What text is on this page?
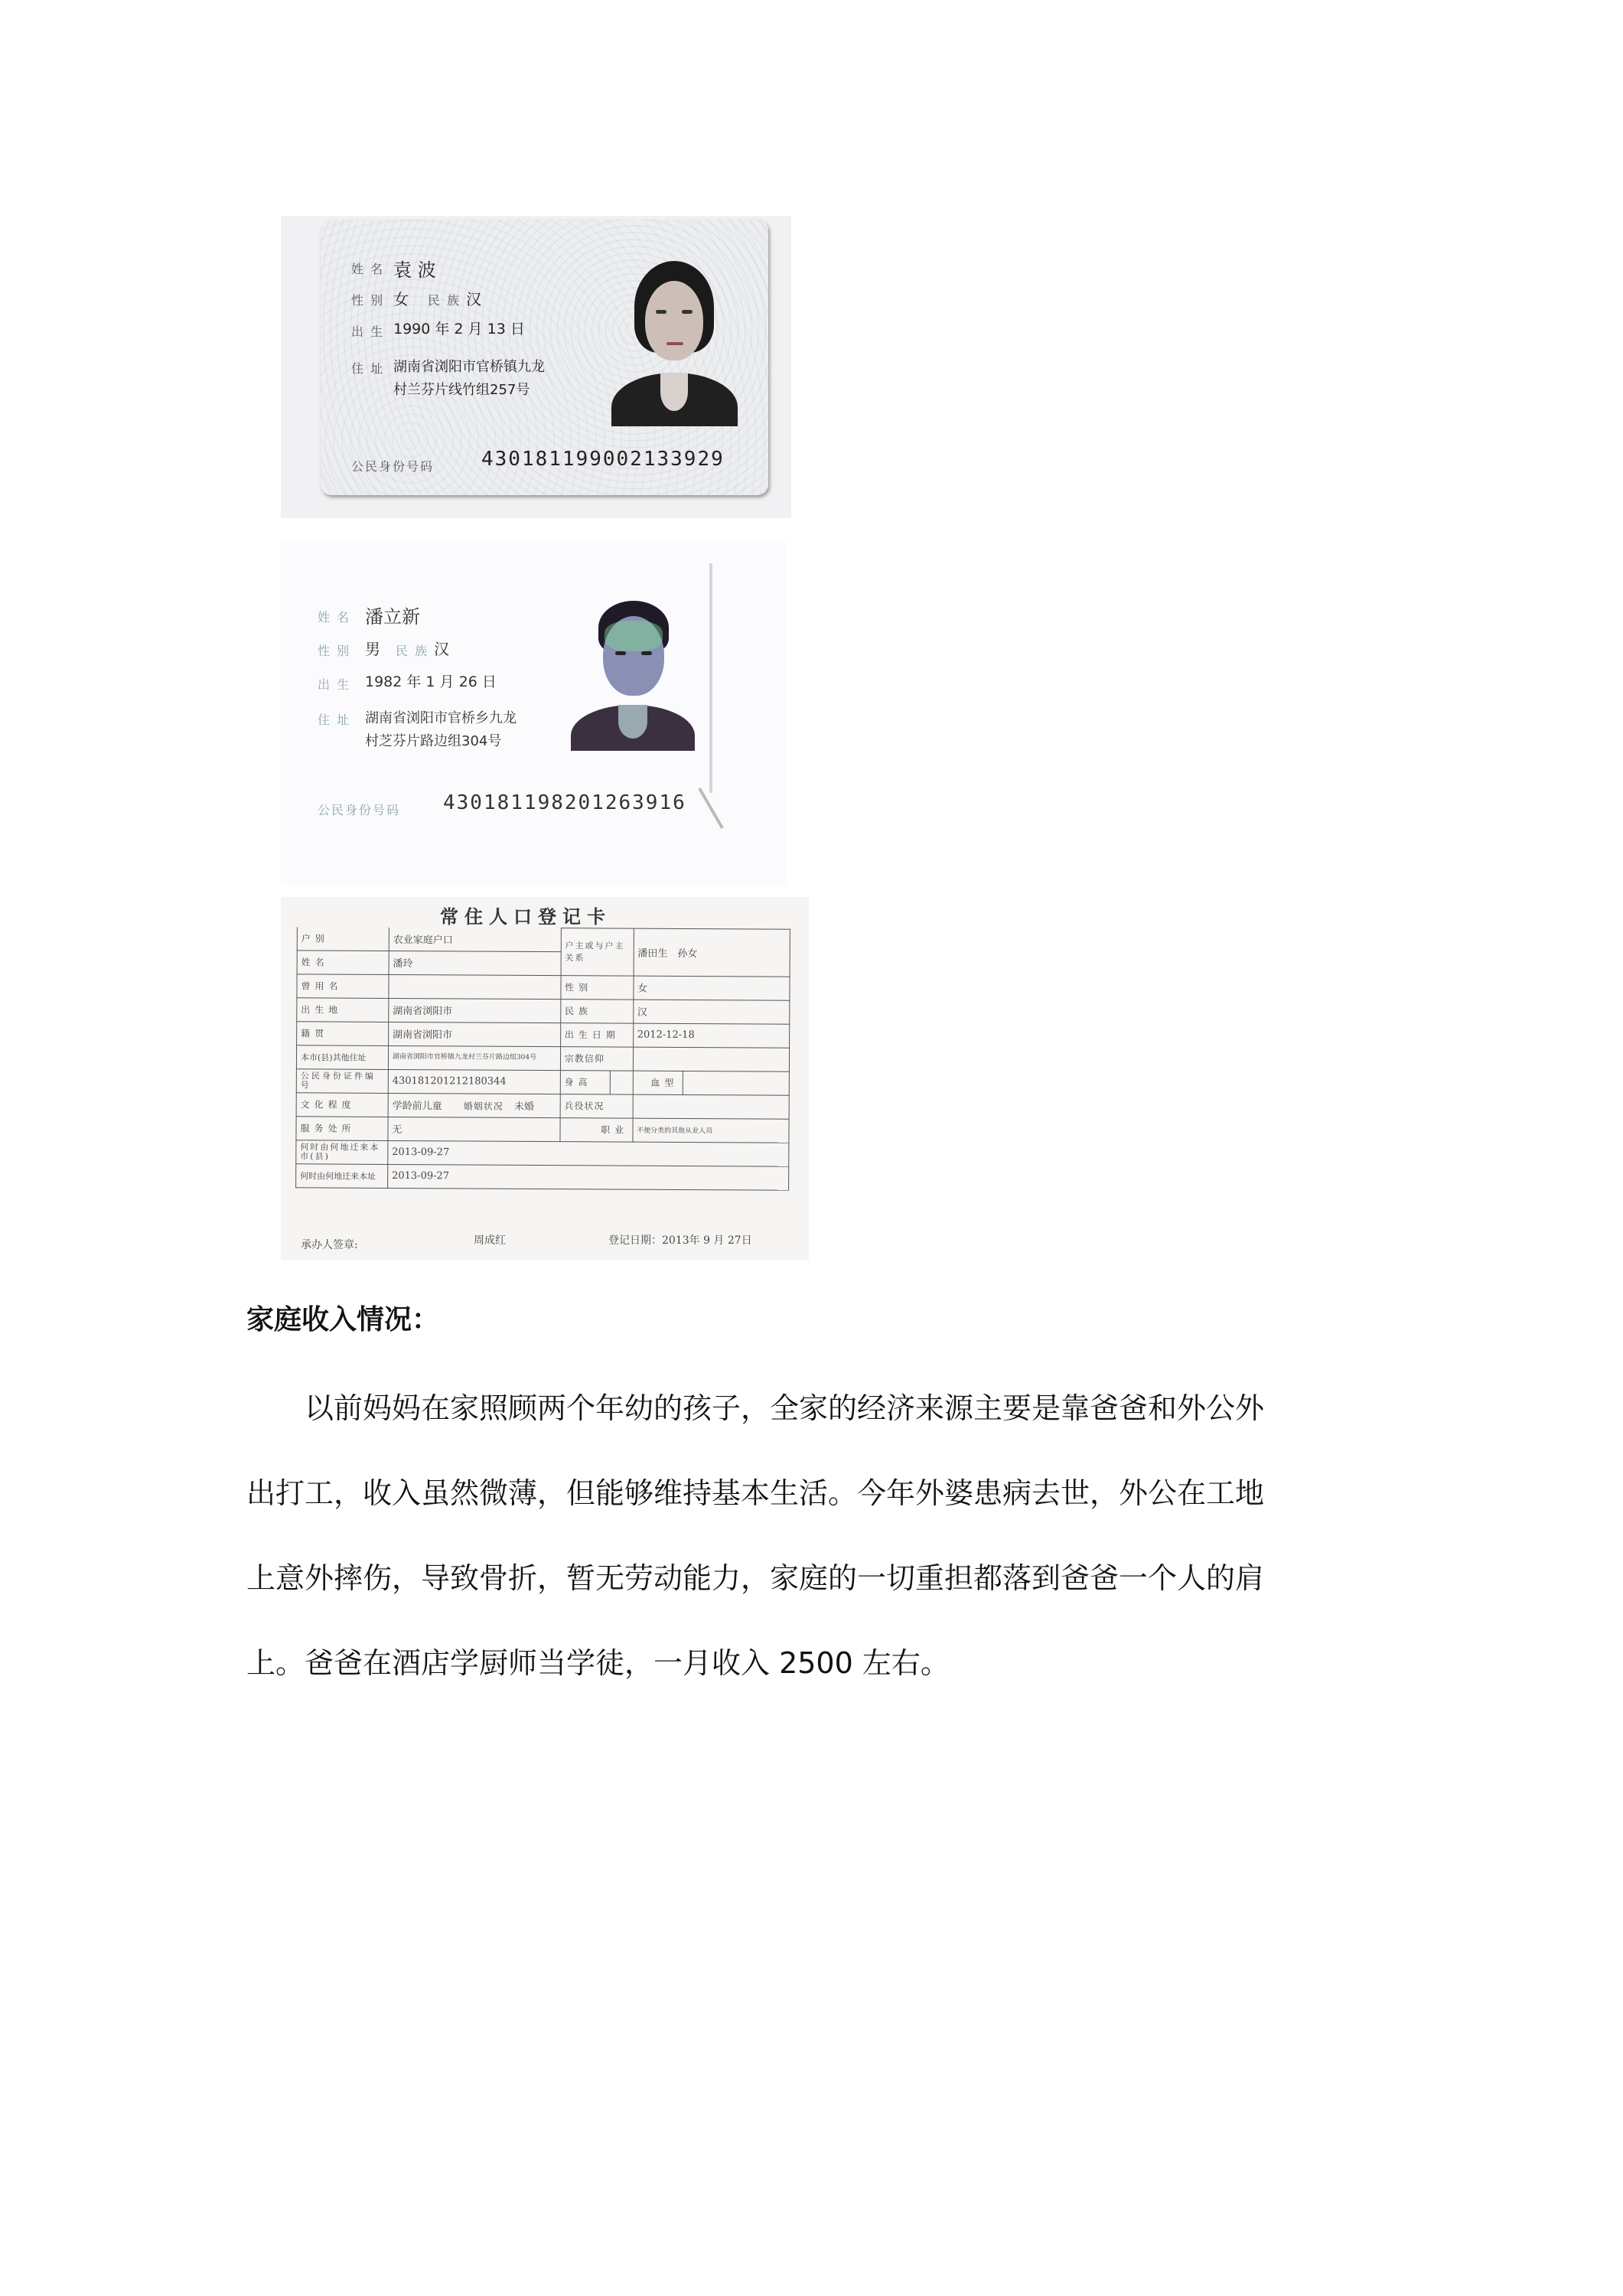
姓 名 袁 波
性 别 女 民 族 汉
出 生 1990 年 2 月 13 日
住 址 湖南省浏阳市官桥镇九龙
村兰芬片线竹组257号
公民身份号码 430181199002133929
姓 名 潘立新
性 别 男 民 族 汉
出 生 1982 年 1 月 26 日
住 址 湖南省浏阳市官桥乡九龙
村芝芬片路边组304号
公民身份号码 430181198201263916
常住人口登记卡
户别	农业家庭户口	户主或与户主关系		潘田生　孙女	
姓名	潘玲				
曾用名		性别		女	
出生地	湖南省浏阳市	民族		汉	
籍贯	湖南省浏阳市	出生日期		2012-12-18	
本市(县)其他住址	湖南省浏阳市官桥镇九龙村兰芬片路边组304号	宗教信仰			
公民身份证件编号	430181201212180344	身高		血型	
文化程度	学龄前儿童 婚姻状况 未婚	兵役状况			
服务处所	无	职业		不便分类的其他从业人员	
何时由何地迁来本市(县)	2013-09-27				
何时由何地迁来本址	2013-09-27				
承办人签章:	周成红	登记日期：2013年 9 月 27日
家庭收入情况：
以前妈妈在家照顾两个年幼的孩子，全家的经济来源主要是靠爸爸和外公外
出打工，收入虽然微薄，但能够维持基本生活。今年外婆患病去世，外公在工地
上意外摔伤，导致骨折，暂无劳动能力，家庭的一切重担都落到爸爸一个人的肩
上。爸爸在酒店学厨师当学徒，一月收入 2500 左右。
